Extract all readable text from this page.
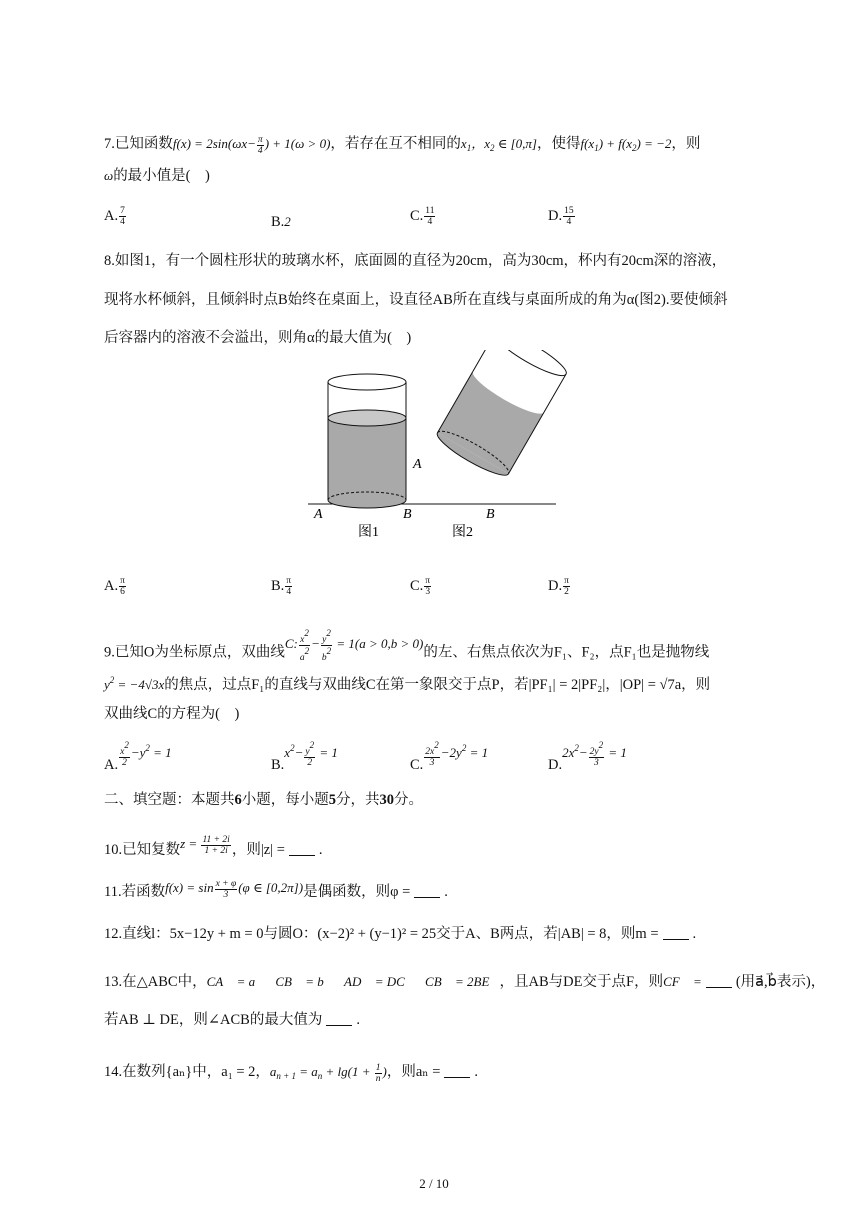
7.已知函数$f(x) = 2\sin(\omega x- \frac{\pi}{4}$ ) + 1(ω > 0)，若存在互不相同的$x_1$，$x_2$ ∈ [0,π]，使得$f(x_1) + f(x_2) = -2$，则
ω的最小值是(　)
A. $\frac{7}{4}$	B.2	C. $\frac{11}{4}$	D. $\frac{15}{4}$
8.如图1，有一个圆柱形状的玻璃水杯，底面圆的直径为20cm，高为30cm，杯内有20cm深的溶液，
现将水杯倾斜，且倾斜时点B始终在桌面上，设直径AB所在直线与桌面所成的角为α(图2).要使倾斜
后容器内的溶液不会溢出，则角α的最大值为(　)
A	B
A
B
图1	图2
A. $\frac{\pi}{6}$	B. $\frac{\pi}{4}$	C. $\frac{\pi}{3}$	D. $\frac{\pi}{2}$
9.已知O为坐标原点，双曲线C: $\frac{x2}{a2} - \frac{y2}{b2} = 1(a > 0,b > 0)$的左、右焦点依次为F₁、F₂，点F₁也是抛物线
$y^2 = -4√3x$的焦点，过点F₁的直线与双曲线C在第一象限交于点P，若|PF₁| = 2|PF₂|，|OP| = √7a，则
双曲线C的方程为(　)
A. $\frac{x2}{2} -y^2 = 1$
$B.x^2- \frac{y2}{2} = 1$
C. $\frac{2x2}{3} -2y^2 = 1$
$D.2x^2- \frac{2y2}{3} = 1$
二、填空题：本题共6小题，每小题5分，共30分。
10.已知复数$z = \frac{11 + 2i}{1 + 2i}$ ，则|z| = .
11.若函数$f(x) = \sin \frac{x + \varphi}{3} (\varphi$ ∈ [0,2π])是偶函数，则φ = .
12.直线l：5x−12y + m = 0与圆O：(x−2)² + (y−1)² = 25交于A、B两点，若|AB| = 8，则m = .
13.在△ABC中，CA⃗ = a⃗，CB⃗ = b⃗，AD⃗ = DC⃗，CB⃗ = 2BE⃗，且AB与DE交于点F，则CF⃗ = (用a⃗,b⃗表示)，
若AB ⊥ DE，则∠ACB的最大值为 .
14.在数列{aₙ}中，a₁ = 2，$a_{n + 1} = a_n + \lg(1 + \frac{1}{n}$ )，则aₙ = .
2 / 10
